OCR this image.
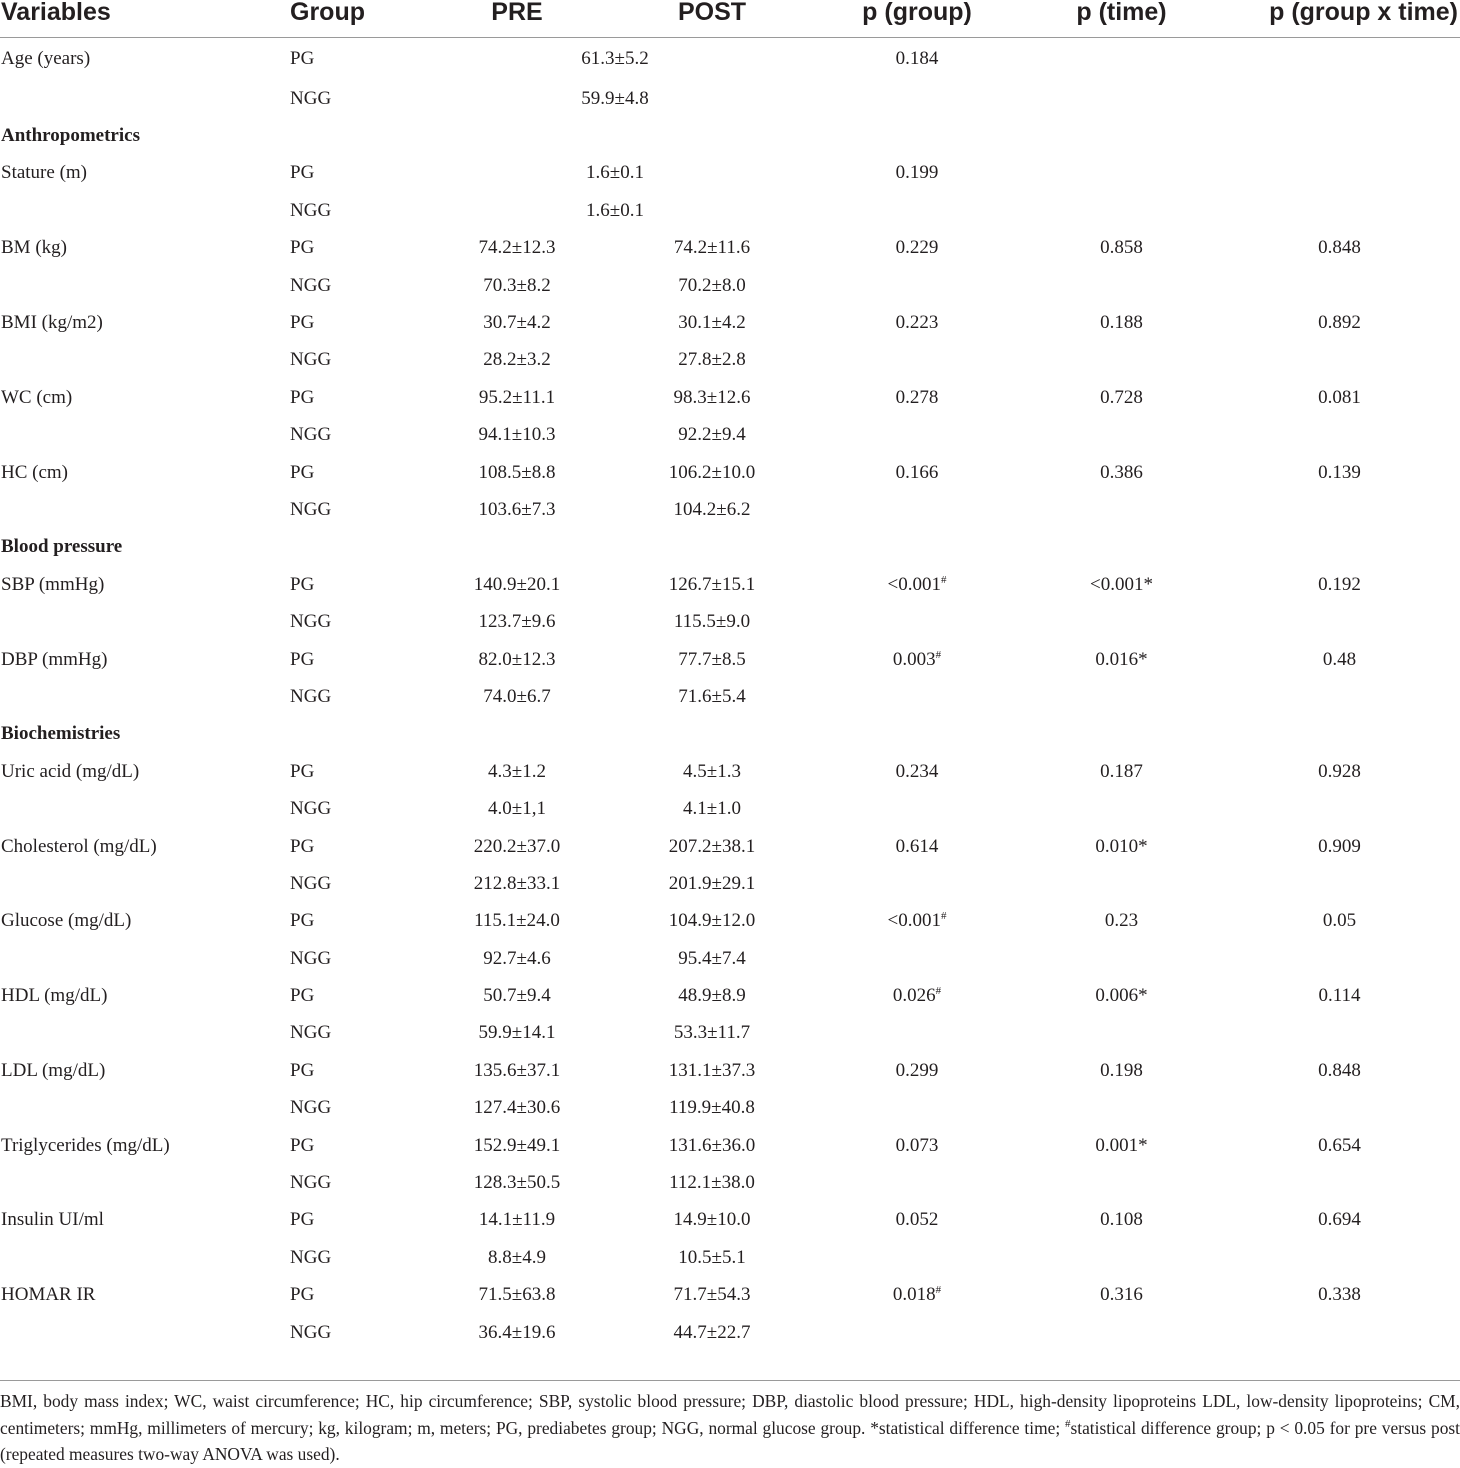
Variables	Group	PRE	POST	p (group)	p (time)	p (group x time)
Age (years)	PG	61.3±5.2		0.184		
	NGG	59.9±4.8				
Anthropometrics						
Stature (m)	PG	1.6±0.1		0.199		
	NGG	1.6±0.1				
BM (kg)	PG	74.2±12.3	74.2±11.6	0.229	0.858	0.848
	NGG	70.3±8.2	70.2±8.0			
BMI (kg/m2)	PG	30.7±4.2	30.1±4.2	0.223	0.188	0.892
	NGG	28.2±3.2	27.8±2.8			
WC (cm)	PG	95.2±11.1	98.3±12.6	0.278	0.728	0.081
	NGG	94.1±10.3	92.2±9.4			
HC (cm)	PG	108.5±8.8	106.2±10.0	0.166	0.386	0.139
	NGG	103.6±7.3	104.2±6.2			
Blood pressure						
SBP (mmHg)	PG	140.9±20.1	126.7±15.1	<0.001#	<0.001*	0.192
	NGG	123.7±9.6	115.5±9.0			
DBP (mmHg)	PG	82.0±12.3	77.7±8.5	0.003#	0.016*	0.48
	NGG	74.0±6.7	71.6±5.4			
Biochemistries						
Uric acid (mg/dL)	PG	4.3±1.2	4.5±1.3	0.234	0.187	0.928
	NGG	4.0±1,1	4.1±1.0			
Cholesterol (mg/dL)	PG	220.2±37.0	207.2±38.1	0.614	0.010*	0.909
	NGG	212.8±33.1	201.9±29.1			
Glucose (mg/dL)	PG	115.1±24.0	104.9±12.0	<0.001#	0.23	0.05
	NGG	92.7±4.6	95.4±7.4			
HDL (mg/dL)	PG	50.7±9.4	48.9±8.9	0.026#	0.006*	0.114
	NGG	59.9±14.1	53.3±11.7			
LDL (mg/dL)	PG	135.6±37.1	131.1±37.3	0.299	0.198	0.848
	NGG	127.4±30.6	119.9±40.8			
Triglycerides (mg/dL)	PG	152.9±49.1	131.6±36.0	0.073	0.001*	0.654
	NGG	128.3±50.5	112.1±38.0			
Insulin UI/ml	PG	14.1±11.9	14.9±10.0	0.052	0.108	0.694
	NGG	8.8±4.9	10.5±5.1			
HOMAR IR	PG	71.5±63.8	71.7±54.3	0.018#	0.316	0.338
	NGG	36.4±19.6	44.7±22.7			
BMI, body mass index; WC, waist circumference; HC, hip circumference; SBP, systolic blood pressure; DBP, diastolic blood pressure; HDL, high-density lipoproteins LDL, low-density lipoproteins; CM, centimeters; mmHg, millimeters of mercury; kg, kilogram; m, meters; PG, prediabetes group; NGG, normal glucose group. *statistical difference time; #statistical difference group; p < 0.05 for pre versus post (repeated measures two-way ANOVA was used).
